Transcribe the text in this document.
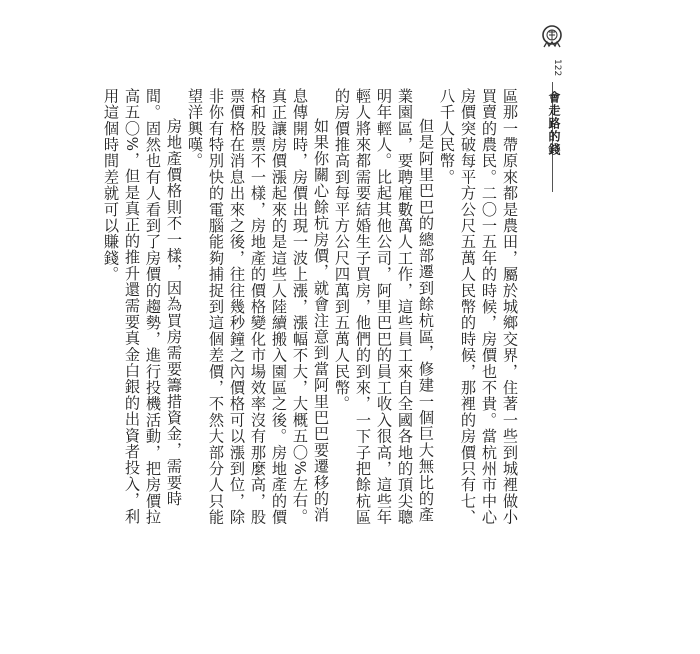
122
會走路的錢

區那一帶原來都是農田，屬於城鄉交界，住著一些到城裡做小買賣的農民。二〇一五年的時候，房價也不貴。當杭州市中心房價突破每平方公尺五萬人民幣的時候，那裡的房價只有七、八千人民幣。

但是阿里巴巴的總部遷到餘杭區，修建一個巨大無比的產業園區，要聘雇數萬人工作，這些員工來自全國各地的頂尖聰明年輕人。比起其他公司，阿里巴巴的員工收入很高，這些年輕人將來都需要結婚生子買房，他們的到來，一下子把餘杭區的房價推高到每平方公尺四萬到五萬人民幣。

如果你關心餘杭房價，就會注意到當阿里巴巴要遷移的消息傳開時，房價出現一波上漲，漲幅不大，大概五〇%左右。真正讓房價漲起來的是這些人陸續搬入園區之後。房地產的價格和股票不一樣，房地產的價格變化市場效率沒有那麼高，股票價格在消息出來之後，往往幾秒鐘之內價格可以漲到位，除非你有特別快的電腦能夠捕捉到這個差價，不然大部分人只能望洋興嘆。

房地產價格則不一樣，因為買房需要籌措資金，需要時間。固然也有人看到了房價的趨勢，進行投機活動，把房價拉高五〇%，但是真正的推升還需要真金白銀的出資者投入，利用這個時間差就可以賺錢。
